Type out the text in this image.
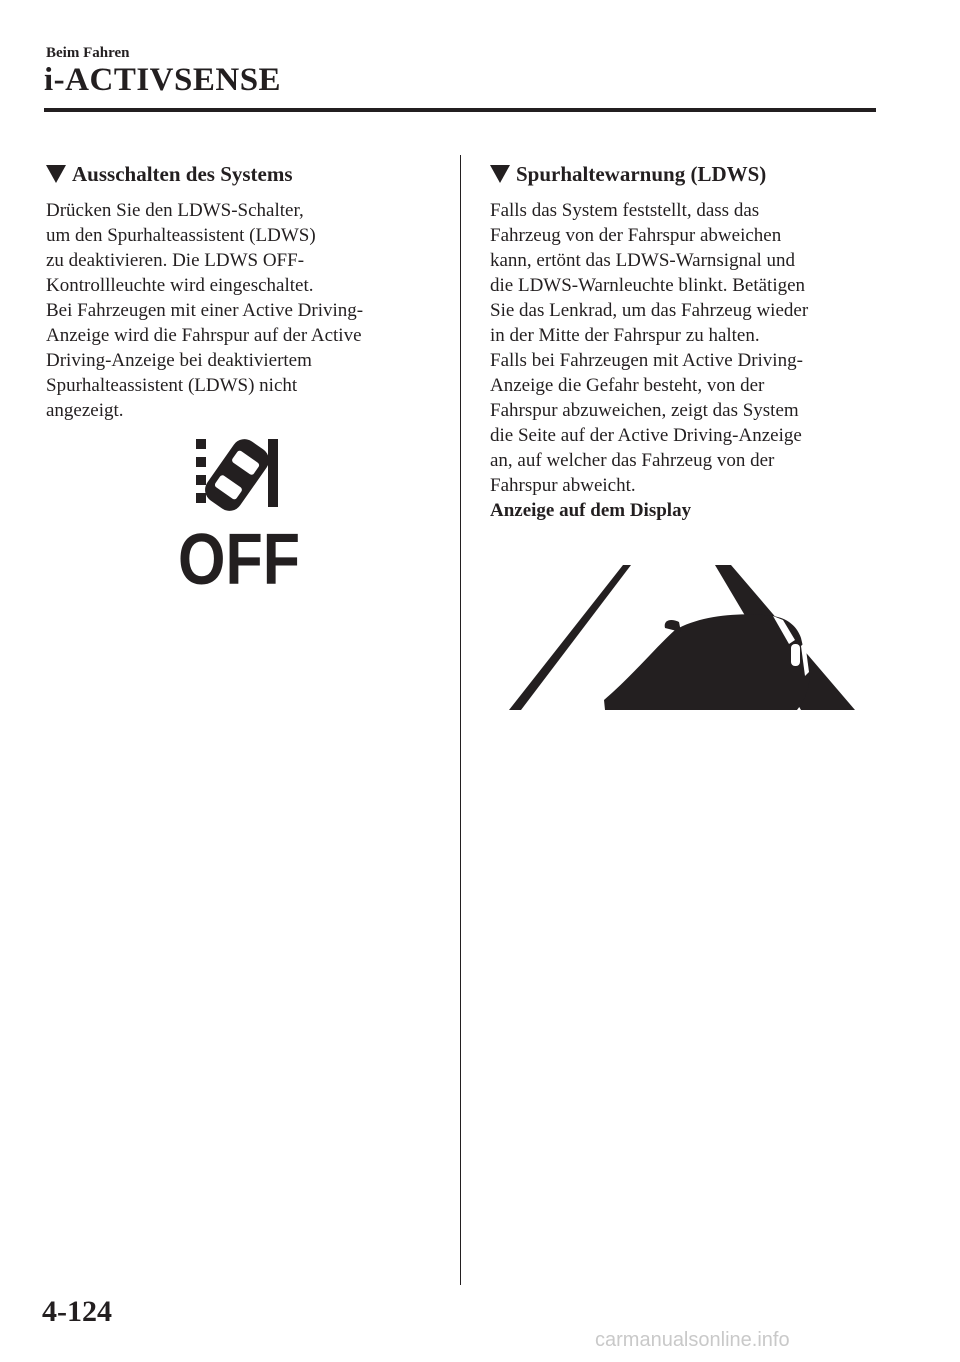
Beim Fahren
i-ACTIVSENSE
Ausschalten des Systems

Drücken Sie den LDWS-Schalter,
um den Spurhalteassistent (LDWS)
zu deaktivieren. Die LDWS OFF-
Kontrollleuchte wird eingeschaltet.
Bei Fahrzeugen mit einer Active Driving-
Anzeige wird die Fahrspur auf der Active
Driving-Anzeige bei deaktiviertem
Spurhalteassistent (LDWS) nicht
angezeigt.

OFF
Spurhaltewarnung (LDWS)

Falls das System feststellt, dass das
Fahrzeug von der Fahrspur abweichen
kann, ertönt das LDWS-Warnsignal und
die LDWS-Warnleuchte blinkt. Betätigen
Sie das Lenkrad, um das Fahrzeug wieder
in der Mitte der Fahrspur zu halten.
Falls bei Fahrzeugen mit Active Driving-
Anzeige die Gefahr besteht, von der
Fahrspur abzuweichen, zeigt das System
die Seite auf der Active Driving-Anzeige
an, auf welcher das Fahrzeug von der
Fahrspur abweicht.

Anzeige auf dem Display

4-124
carmanualsonline.info
